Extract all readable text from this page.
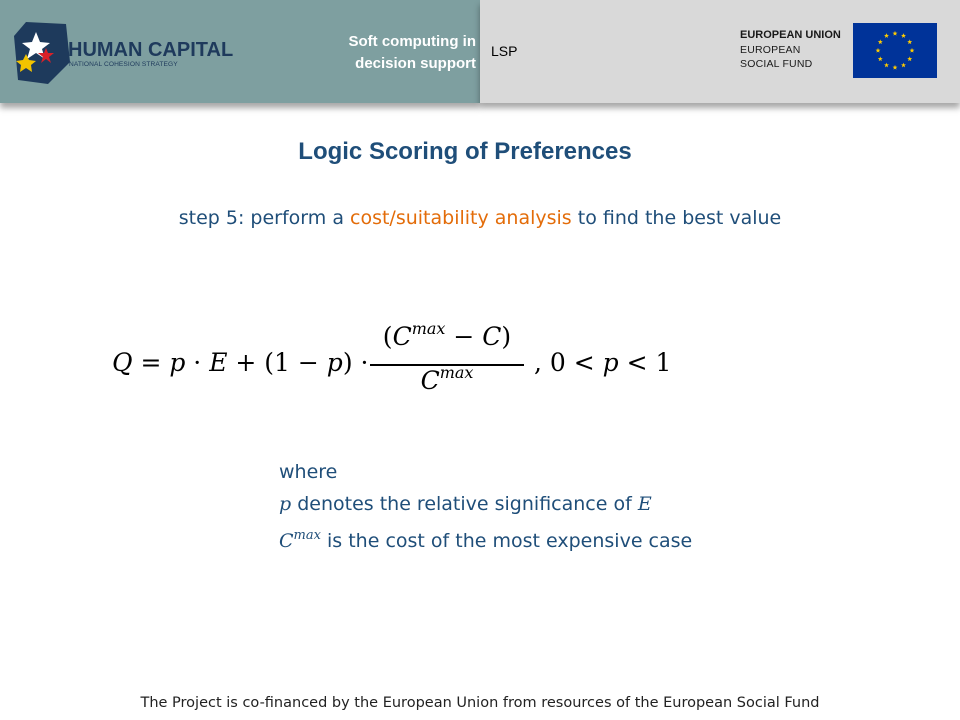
HUMAN CAPITAL
NATIONAL COHESION STRATEGY
Soft computing in
decision support
LSP
EUROPEAN UNION
EUROPEAN
SOCIAL FUND
Logic Scoring of Preferences
step 5: perform a cost/suitability analysis to find the best value
Q = p · E + (1 − p) ·
$(C^{max} - C)$
$C^{max}$	, 0 < p < 1
where
p denotes the relative significance of E
$C^{max}$ is the cost of the most expensive case
The Project is co-financed by the European Union from resources of the European Social Fund
